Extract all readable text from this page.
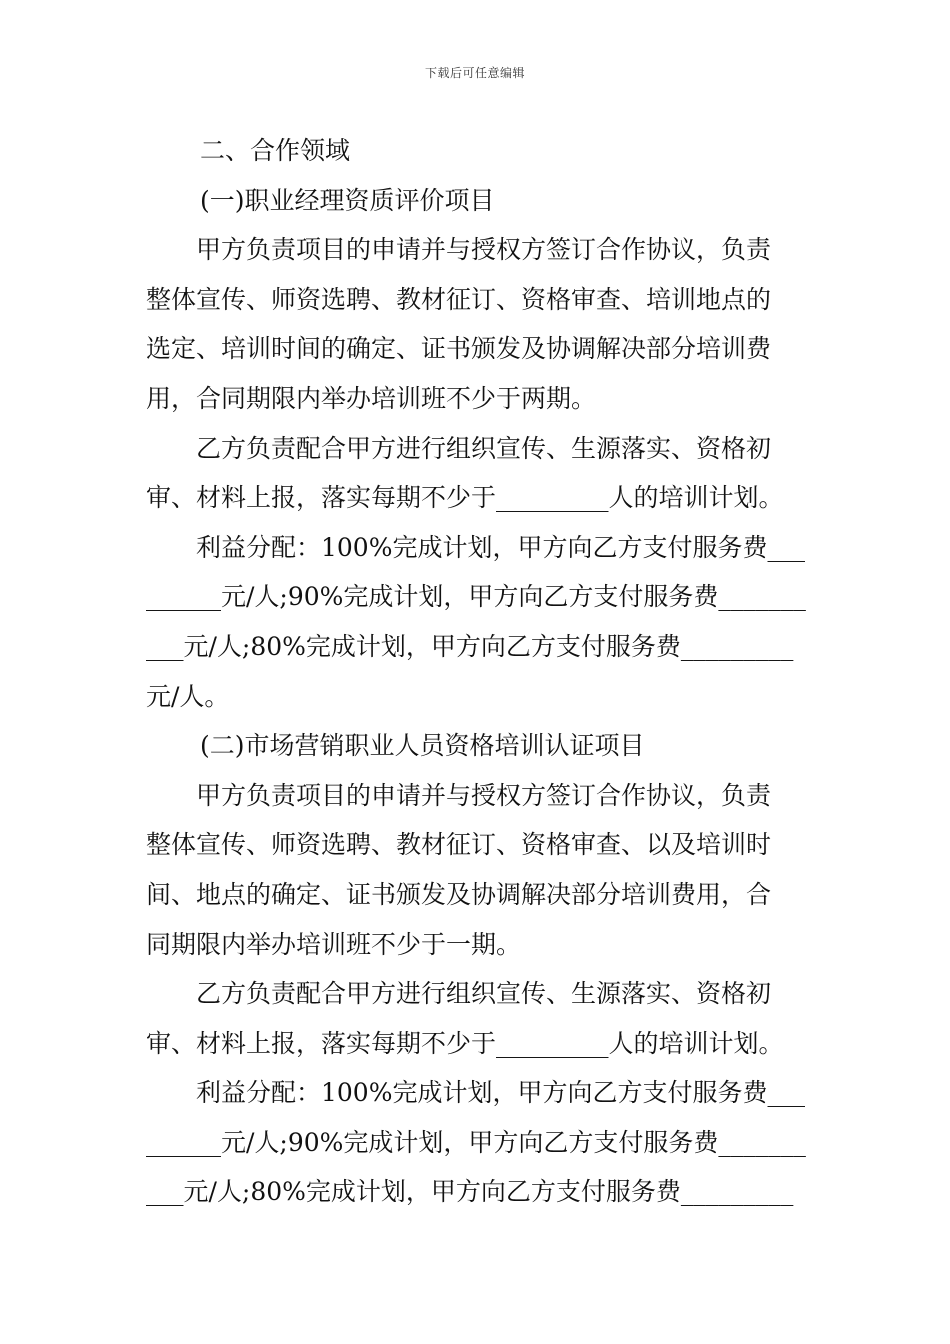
下载后可任意编辑
二、合作领域
(一)职业经理资质评价项目
甲方负责项目的申请并与授权方签订合作协议，负责
整体宣传、师资选聘、教材征订、资格审查、培训地点的
选定、培训时间的确定、证书颁发及协调解决部分培训费
用，合同期限内举办培训班不少于两期。
乙方负责配合甲方进行组织宣传、生源落实、资格初
审、材料上报，落实每期不少于_________人的培训计划。
利益分配：100%完成计划，甲方向乙方支付服务费___
______元/人;90%完成计划，甲方向乙方支付服务费_______
___元/人;80%完成计划，甲方向乙方支付服务费_________
元/人。
(二)市场营销职业人员资格培训认证项目
甲方负责项目的申请并与授权方签订合作协议，负责
整体宣传、师资选聘、教材征订、资格审查、以及培训时
间、地点的确定、证书颁发及协调解决部分培训费用，合
同期限内举办培训班不少于一期。
乙方负责配合甲方进行组织宣传、生源落实、资格初
审、材料上报，落实每期不少于_________人的培训计划。
利益分配：100%完成计划，甲方向乙方支付服务费___
______元/人;90%完成计划，甲方向乙方支付服务费_______
___元/人;80%完成计划，甲方向乙方支付服务费_________
